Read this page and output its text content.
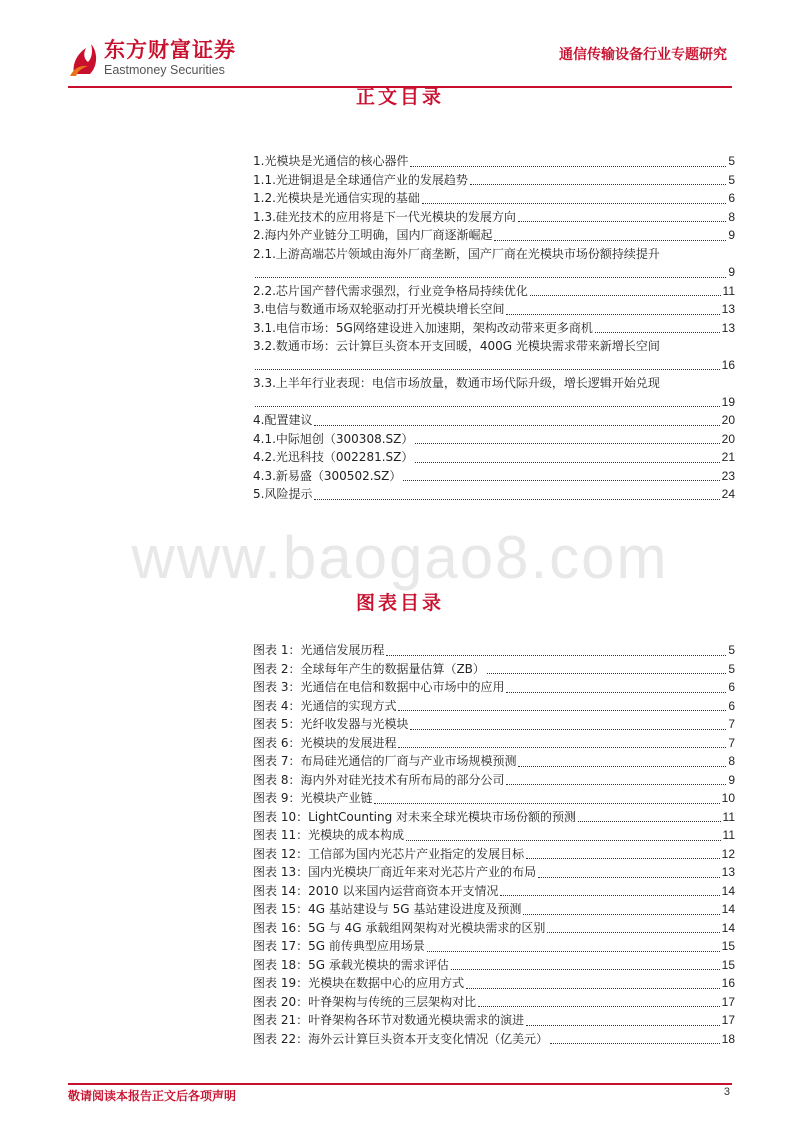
东方财富证券
Eastmoney Securities
通信传输设备行业专题研究
正文目录
1.光模块是光通信的核心器件	5
1.1.光进铜退是全球通信产业的发展趋势	5
1.2.光模块是光通信实现的基础	6
1.3.硅光技术的应用将是下一代光模块的发展方向	8
2.海内外产业链分工明确，国内厂商逐渐崛起	9
2.1.上游高端芯片领域由海外厂商垄断，国产厂商在光模块市场份额持续提升
9
2.2.芯片国产替代需求强烈，行业竞争格局持续优化	11
3.电信与数通市场双轮驱动打开光模块增长空间	13
3.1.电信市场：5G网络建设进入加速期，架构改动带来更多商机	13
3.2.数通市场：云计算巨头资本开支回暖，400G 光模块需求带来新增长空间
16
3.3.上半年行业表现：电信市场放量，数通市场代际升级，增长逻辑开始兑现
19
4.配置建议	20
4.1.中际旭创（300308.SZ）	20
4.2.光迅科技（002281.SZ）	21
4.3.新易盛（300502.SZ）	23
5.风险提示	24
www.baogao8.com
图表目录
图表 1：光通信发展历程	5
图表 2：全球每年产生的数据量估算（ZB）	5
图表 3：光通信在电信和数据中心市场中的应用	6
图表 4：光通信的实现方式	6
图表 5：光纤收发器与光模块	7
图表 6：光模块的发展进程	7
图表 7：布局硅光通信的厂商与产业市场规模预测	8
图表 8：海内外对硅光技术有所布局的部分公司	9
图表 9：光模块产业链	10
图表 10：LightCounting 对未来全球光模块市场份额的预测	11
图表 11：光模块的成本构成	11
图表 12：工信部为国内光芯片产业指定的发展目标	12
图表 13：国内光模块厂商近年来对光芯片产业的布局	13
图表 14：2010 以来国内运营商资本开支情况	14
图表 15：4G 基站建设与 5G 基站建设进度及预测	14
图表 16：5G 与 4G 承载组网架构对光模块需求的区别	14
图表 17：5G 前传典型应用场景	15
图表 18：5G 承载光模块的需求评估	15
图表 19：光模块在数据中心的应用方式	16
图表 20：叶脊架构与传统的三层架构对比	17
图表 21：叶脊架构各环节对数通光模块需求的演进	17
图表 22：海外云计算巨头资本开支变化情况（亿美元）	18
敬请阅读本报告正文后各项声明	3
